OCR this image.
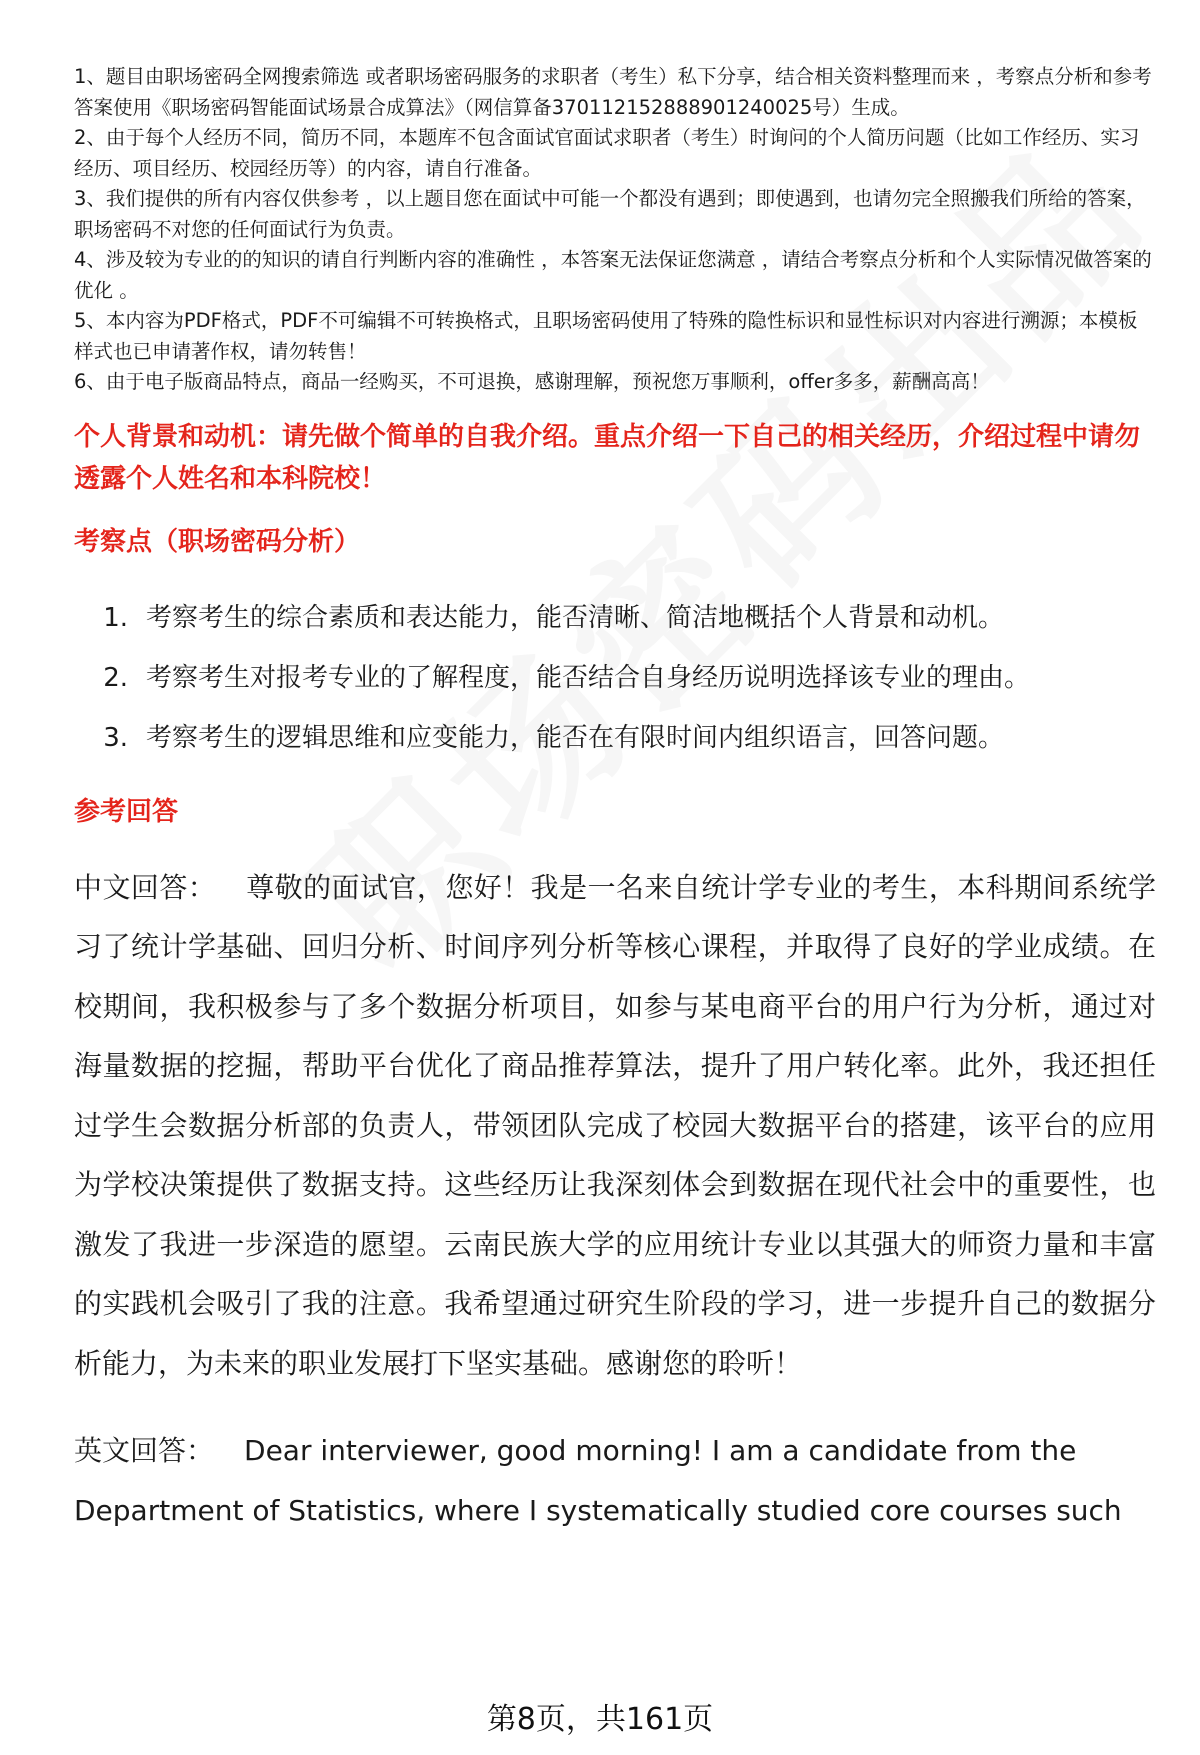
1、题目由职场密码全网搜索筛选 或者职场密码服务的求职者（考生）私下分享，结合相关资料整理而来 ，考察点分析和参考答案使用《职场密码智能面试场景合成算法》（网信算备370112152888901240025号）生成。
2、由于每个人经历不同，简历不同，本题库不包含面试官面试求职者（考生）时询问的个人简历问题（比如工作经历、实习经历、项目经历、校园经历等）的内容，请自行准备。
3、我们提供的所有内容仅供参考 ，以上题目您在面试中可能一个都没有遇到；即使遇到，也请勿完全照搬我们所给的答案，职场密码不对您的任何面试行为负责。
4、涉及较为专业的的知识的请自行判断内容的准确性 ，本答案无法保证您满意 ，请结合考察点分析和个人实际情况做答案的优化 。
5、本内容为PDF格式，PDF不可编辑不可转换格式，且职场密码使用了特殊的隐性标识和显性标识对内容进行溯源；本模板样式也已申请著作权，请勿转售！
6、由于电子版商品特点，商品一经购买，不可退换，感谢理解，预祝您万事顺利，offer多多，薪酬高高！
个人背景和动机：请先做个简单的自我介绍。重点介绍一下自己的相关经历，介绍过程中请勿透露个人姓名和本科院校！
考察点（职场密码分析）
1. 考察考生的综合素质和表达能力，能否清晰、简洁地概括个人背景和动机。
2. 考察考生对报考专业的了解程度，能否结合自身经历说明选择该专业的理由。
3. 考察考生的逻辑思维和应变能力，能否在有限时间内组织语言，回答问题。
参考回答
中文回答： 尊敬的面试官，您好！我是一名来自统计学专业的考生，本科期间系统学习了统计学基础、回归分析、时间序列分析等核心课程，并取得了良好的学业成绩。在校期间，我积极参与了多个数据分析项目，如参与某电商平台的用户行为分析，通过对海量数据的挖掘，帮助平台优化了商品推荐算法，提升了用户转化率。此外，我还担任过学生会数据分析部的负责人，带领团队完成了校园大数据平台的搭建，该平台的应用为学校决策提供了数据支持。这些经历让我深刻体会到数据在现代社会中的重要性，也激发了我进一步深造的愿望。云南民族大学的应用统计专业以其强大的师资力量和丰富的实践机会吸引了我的注意。我希望通过研究生阶段的学习，进一步提升自己的数据分析能力，为未来的职业发展打下坚实基础。感谢您的聆听！
英文回答： Dear interviewer, good morning! I am a candidate from the Department of Statistics, where I systematically studied core courses such
第8页，共161页
